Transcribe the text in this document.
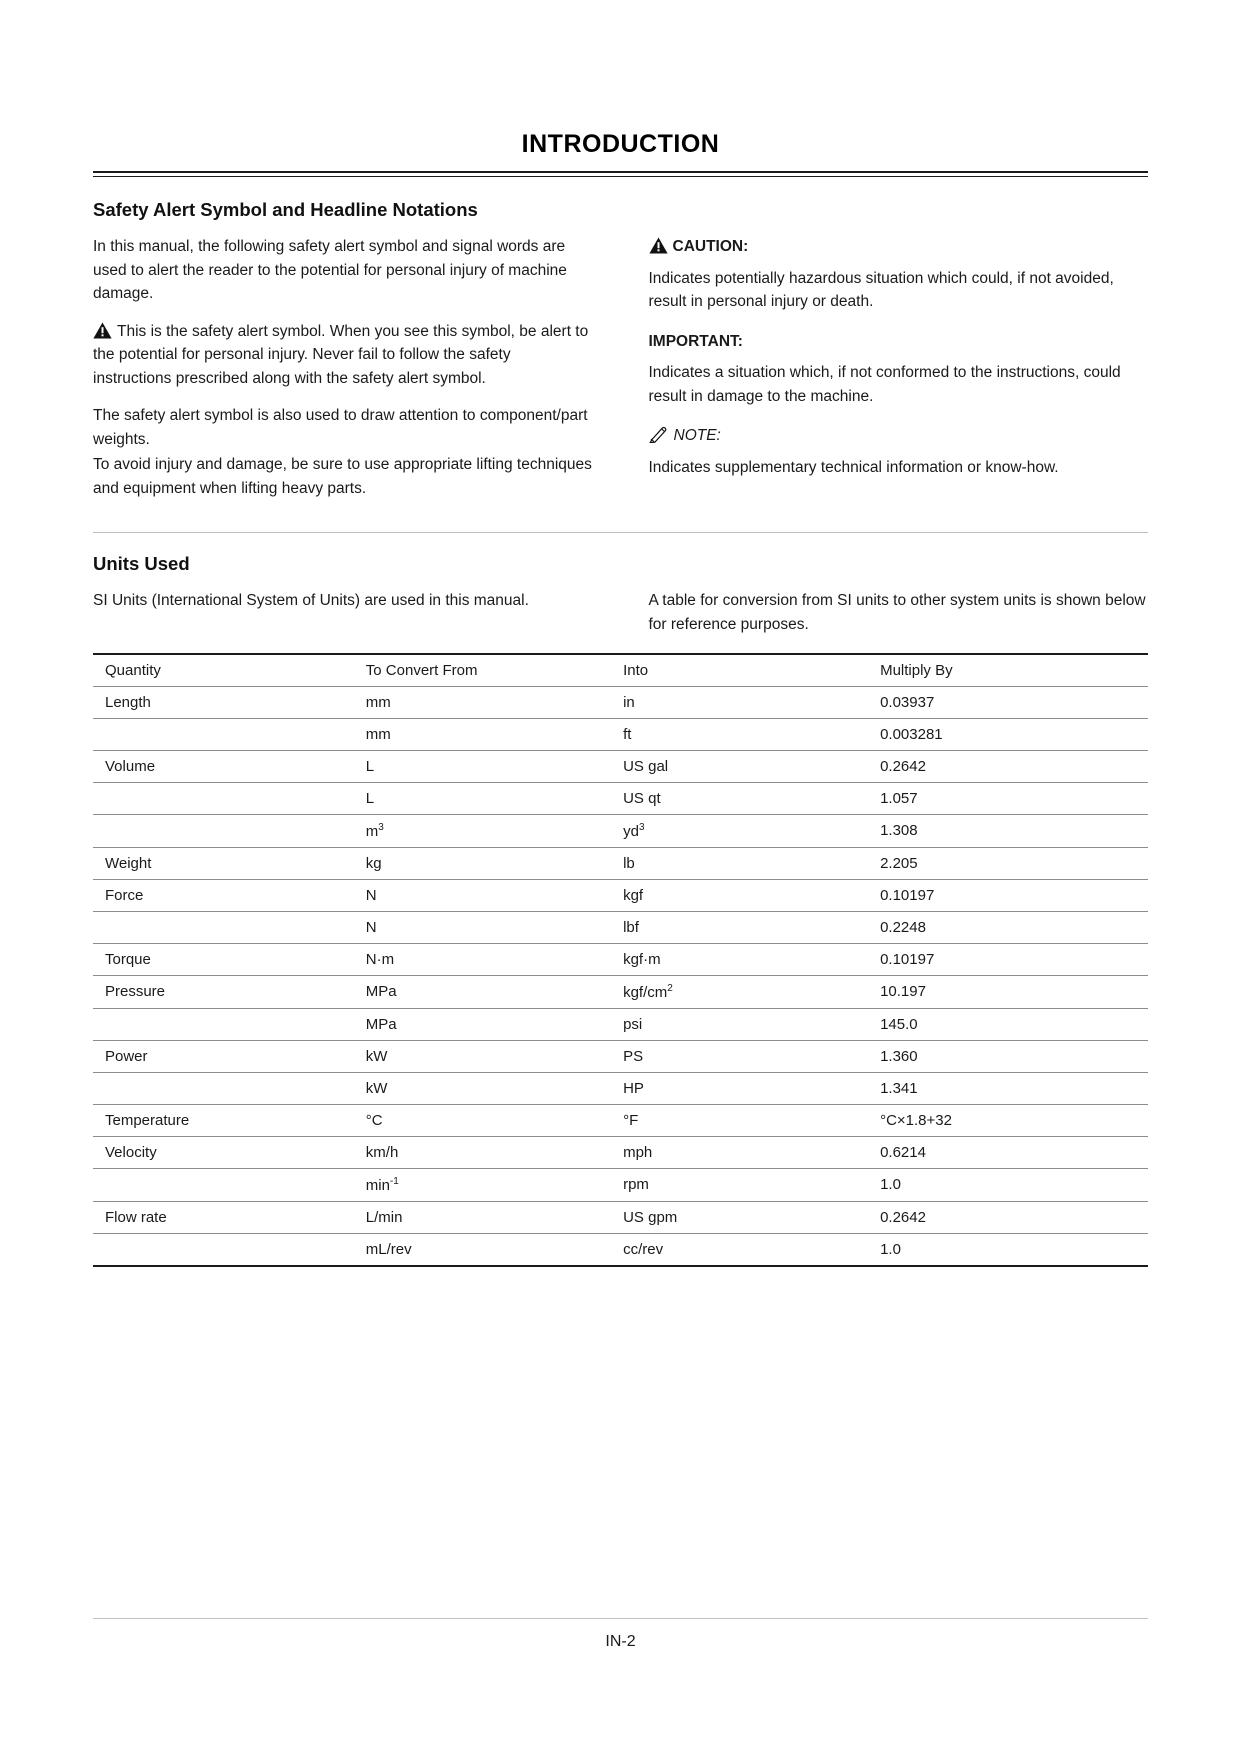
INTRODUCTION
Safety Alert Symbol and Headline Notations

In this manual, the following safety alert symbol and signal words are used to alert the reader to the potential for personal injury of machine damage.

This is the safety alert symbol. When you see this symbol, be alert to the potential for personal injury. Never fail to follow the safety instructions prescribed along with the safety alert symbol.

The safety alert symbol is also used to draw attention to component/part weights.

To avoid injury and damage, be sure to use appropriate lifting techniques and equipment when lifting heavy parts.

CAUTION:

Indicates potentially hazardous situation which could, if not avoided, result in personal injury or death.

IMPORTANT:

Indicates a situation which, if not conformed to the instructions, could result in damage to the machine.

NOTE:

Indicates supplementary technical information or know-how.

Units Used

SI Units (International System of Units) are used in this manual.	A table for conversion from SI units to other system units is shown below for reference purposes.

Quantity	To Convert From	Into	Multiply By
Length	mm	in	0.03937
	mm	ft	0.003281
Volume	L	US gal	0.2642
	L	US qt	1.057
	$m^3$	$yd^3$	1.308
Weight	kg	lb	2.205
Force	N	kgf	0.10197
	N	lbf	0.2248
Torque	N·m	kgf·m	0.10197
Pressure	MPa	kgf/$cm^2$	10.197
	MPa	psi	145.0
Power	kW	PS	1.360
	kW	HP	1.341
Temperature	°C	°F	°C×1.8+32
Velocity	km/h	mph	0.6214
	$\min^{-1}$	rpm	1.0
Flow rate	L/min	US gpm	0.2642
	mL/rev	cc/rev	1.0
IN-2
